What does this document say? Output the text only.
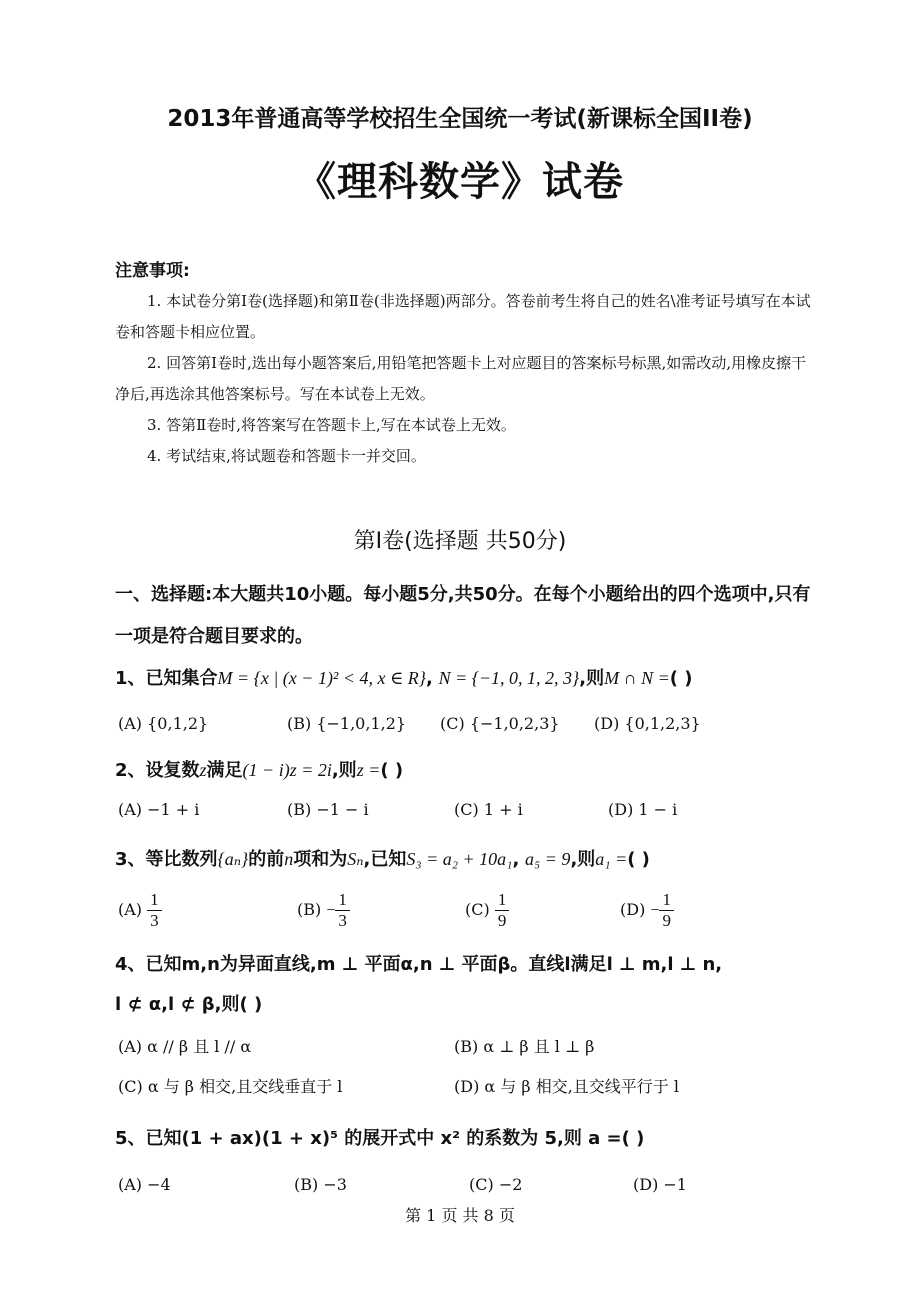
2013年普通高等学校招生全国统一考试(新课标全国II卷)
《理科数学》试卷
注意事项:

1. 本试卷分第Ⅰ卷(选择题)和第Ⅱ卷(非选择题)两部分。答卷前考生将自己的姓名\准考证号填写在本试卷和答题卡相应位置。

2. 回答第Ⅰ卷时,选出每小题答案后,用铅笔把答题卡上对应题目的答案标号标黑,如需改动,用橡皮擦干净后,再选涂其他答案标号。写在本试卷上无效。

3. 答第Ⅱ卷时,将答案写在答题卡上,写在本试卷上无效。

4. 考试结束,将试题卷和答题卡一并交回。

第Ⅰ卷(选择题 共50分)
一、选择题:本大题共10小题。每小题5分,共50分。在每个小题给出的四个选项中,只有一项是符合题目要求的。
1、已知集合M = {x | (x − 1)² < 4, x ∈ R}, N = {−1, 0, 1, 2, 3},则M ∩ N =( )
(A) {0,1,2}	(B) {−1,0,1,2} (C) {−1,0,2,3} (D) {0,1,2,3}
2、设复数z满足(1 − i)z = 2i,则z =( )
(A) −1 + i	(B) −1 − i	(C) 1 + i	(D) 1 − i
3、等比数列{aₙ}的前n项和为Sₙ,已知S₃ = a₂ + 10a₁, a₅ = 9,则a₁ =( )
$(A) \frac{1}{3}$	$(B) - \frac{1}{3}$	$(C) \frac{1}{9}$	$(D) - \frac{1}{9}$
4、已知m,n为异面直线,m ⊥ 平面α,n ⊥ 平面β。直线l满足l ⊥ m,l ⊥ n,
l ⊄ α,l ⊄ β,则( )
(A) α // β 且 l // α	(B) α ⊥ β 且 l ⊥ β
(C) α 与 β 相交,且交线垂直于 l	(D) α 与 β 相交,且交线平行于 l
5、已知(1 + ax)(1 + x)⁵ 的展开式中 x² 的系数为 5,则 a =( )
(A) −4	(B) −3	(C) −2	(D) −1
第 1 页 共 8 页
